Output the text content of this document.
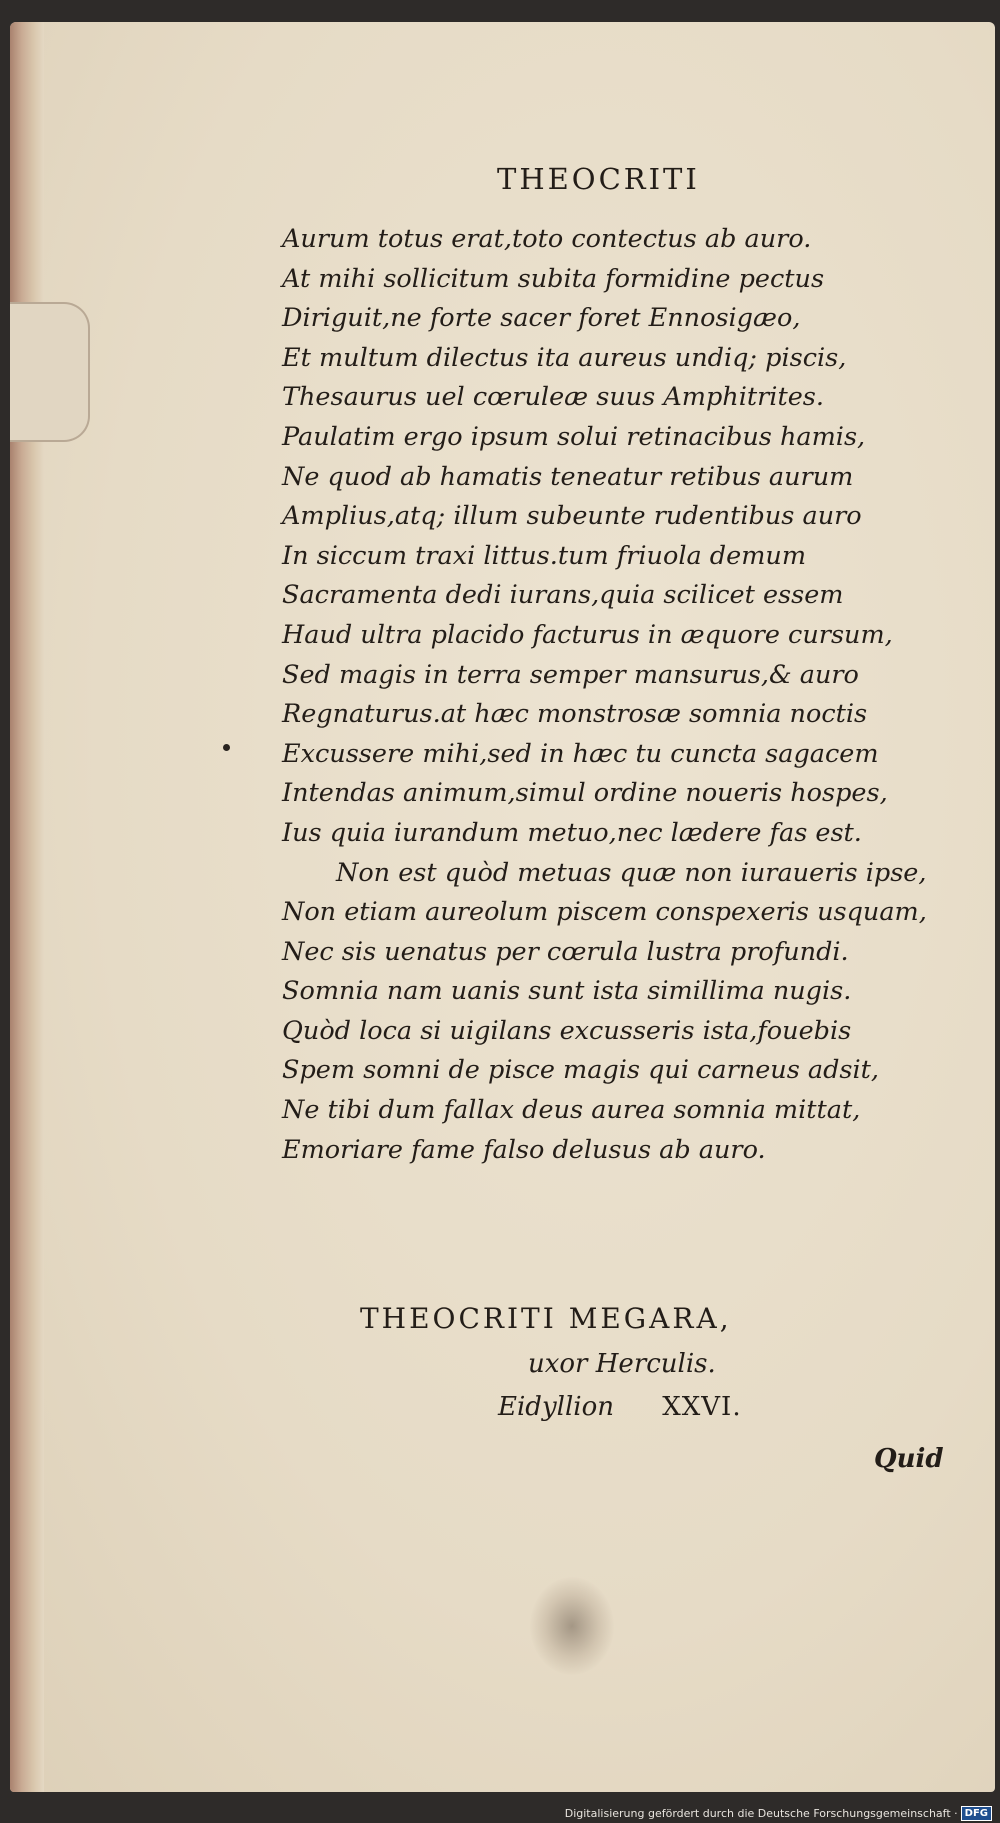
THEOCRITI
Aurum totus erat,toto contectus ab auro.
At mihi sollicitum subita formidine pectus
Diriguit,ne forte sacer foret Ennosigæo,
Et multum dilectus ita aureus undiq; piscis,
Thesaurus uel cœruleæ suus Amphitrites.
Paulatim ergo ipsum solui retinacibus hamis,
Ne quod ab hamatis teneatur retibus aurum
Amplius,atq; illum subeunte rudentibus auro
In siccum traxi littus.tum friuola demum
Sacramenta dedi iurans,quia scilicet essem
Haud ultra placido facturus in æquore cursum,
Sed magis in terra semper mansurus,& auro
Regnaturus.at hæc monstrosæ somnia noctis
Excussere mihi,sed in hæc tu cuncta sagacem
Intendas animum,simul ordine noueris hospes,
Ius quia iurandum metuo,nec lædere fas est.
Non est quòd metuas quæ non iuraueris ipse,
Non etiam aureolum piscem conspexeris usquam,
Nec sis uenatus per cœrula lustra profundi.
Somnia nam uanis sunt ista simillima nugis.
Quòd loca si uigilans excusseris ista,fouebis
Spem somni de pisce magis qui carneus adsit,
Ne tibi dum fallax deus aurea somnia mittat,
Emoriare fame falso delusus ab auro.
THEOCRITI MEGARA,
uxor Herculis.
Eidyllion XXVI.
Quid
Digitalisierung gefördert durch die Deutsche Forschungsgemeinschaft · DFG
